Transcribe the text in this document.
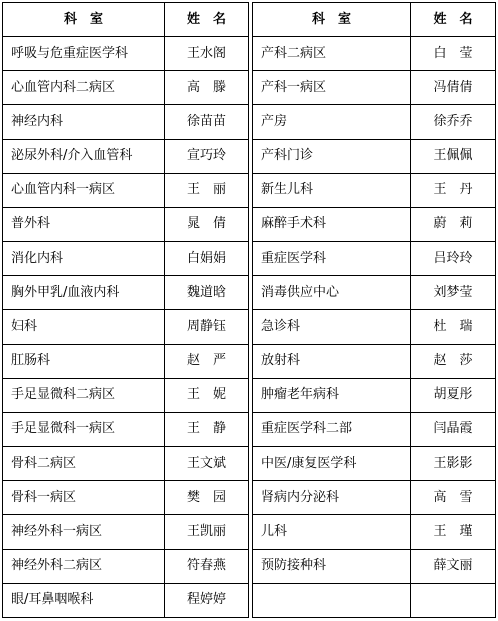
科　室	姓　名		科　室	姓　名
呼吸与危重症医学科	王水阁		产科二病区	白　莹
心血管内科二病区	高　滕		产科一病区	冯倩倩
神经内科	徐苗苗		产房	徐乔乔
泌尿外科/介入血管科	宣巧玲		产科门诊	王佩佩
心血管内科一病区	王　丽		新生儿科	王　丹
普外科	晁　倩		麻醉手术科	蔚　莉
消化内科	白娟娟		重症医学科	吕玲玲
胸外甲乳/血液内科	魏道晗		消毒供应中心	刘梦莹
妇科	周静钰		急诊科	杜　瑞
肛肠科	赵　严		放射科	赵　莎
手足显微科二病区	王　妮		肿瘤老年病科	胡夏彤
手足显微科一病区	王　静		重症医学科二部	闫晶霞
骨科二病区	王文斌		中医/康复医学科	王影影
骨科一病区	樊　园		肾病内分泌科	高　雪
神经外科一病区	王凯丽		儿科	王　瑾
神经外科二病区	符春燕		预防接种科	薛文丽
眼/耳鼻咽喉科	程婷婷			
